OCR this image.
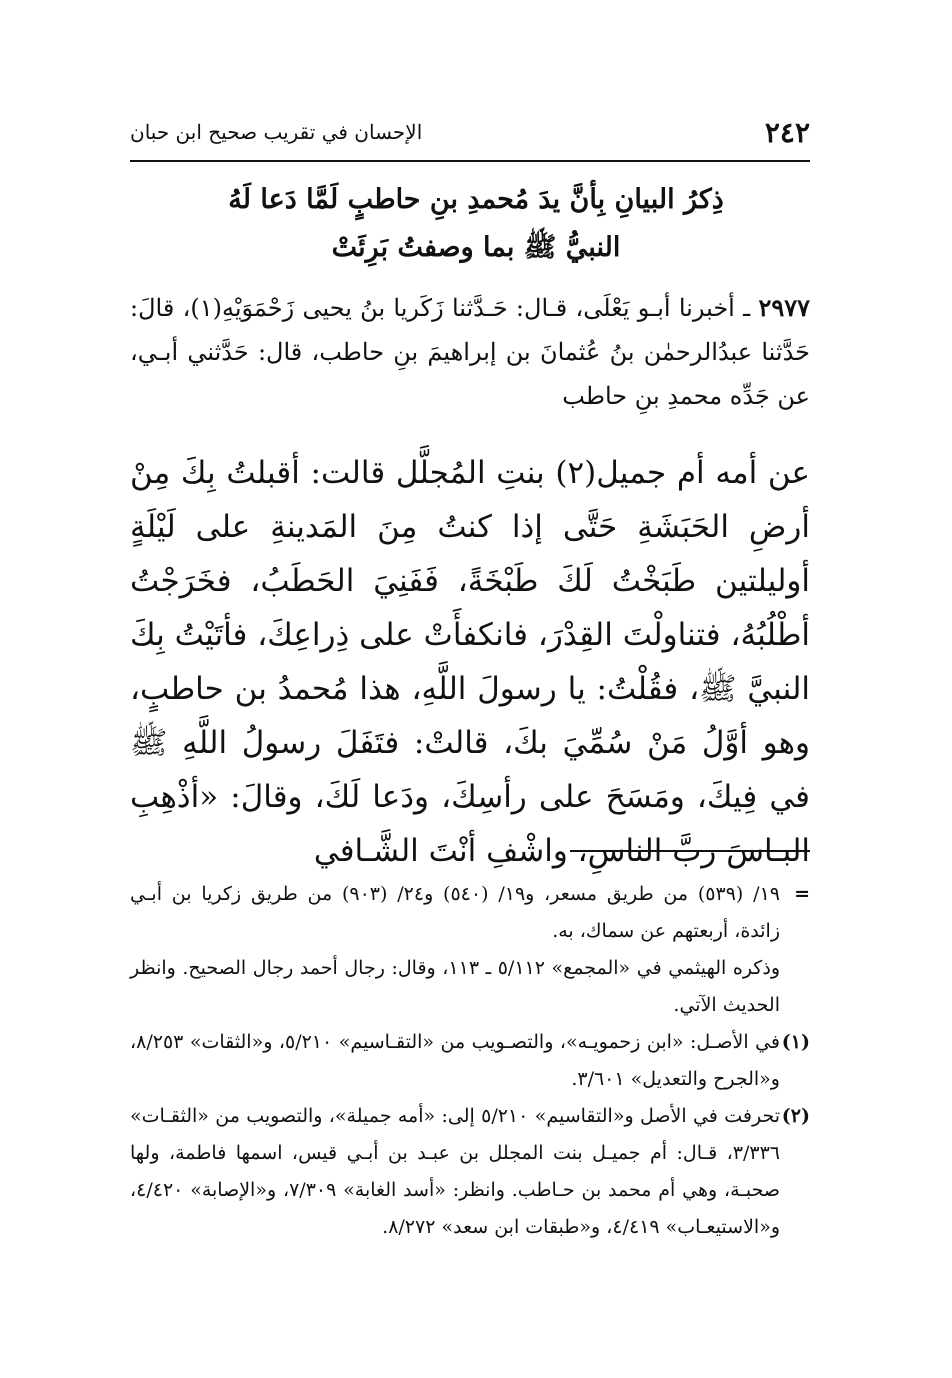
٢٤٢
الإحسان في تقريب صحيح ابن حبان
ذِكرُ البيانِ بِأنَّ يدَ مُحمدِ بنِ حاطبٍ لَمَّا دَعا لَهُ
النبيُّ ﷺ بما وصفتُ بَرِئَتْ
٢٩٧٧ ـ أخبرنا أبـو يَعْلَى، قـال: حَـدَّثنا زَكَريا بنُ يحيى زَحْمَوَيْهِ(١)، قالَ: حَدَّثنا عبدُالرحمٰن بنُ عُثمانَ بن إبراهيمَ بنِ حاطب، قال: حَدَّثني أبـي، عن جَدِّه محمدِ بنِ حاطب
عن أمه أم جميل(٢) بنتِ المُجلَّل قالت: أقبلتُ بِكَ مِنْ أرضِ الحَبَشَةِ حَتَّى إذا كنتُ مِنَ المَدينةِ على لَيْلَةٍ أوليلتين طَبَخْتُ لَكَ طَبْخَةً، فَفَنِيَ الحَطَبُ، فخَرَجْتُ أطْلُبُهُ، فتناولْتَ القِدْرَ، فانكفأَتْ على ذِراعِكَ، فأتَيْتُ بِكَ النبيَّ ﷺ، فقُلْتُ: يا رسولَ اللَّهِ، هذا مُحمدُ بن حاطبٍ، وهو أوَّلُ مَنْ سُمِّيَ بكَ، قالتْ: فتَفَلَ رسولُ اللَّهِ ﷺ في فِيكَ، ومَسَحَ على رأسِكَ، ودَعا لَكَ، وقالَ: «أذْهِبِ البـاسَ ربَّ الناسِ، واشْفِ أنْتَ الشَّـافي
=

١٩/ (٥٣٩) من طريق مسعر، و١٩/ (٥٤٠) و٢٤/ (٩٠٣) من طريق زكريا بن أبـي زائدة، أربعتهم عن سماك، به.

وذكره الهيثمي في «المجمع» ٥/١١٢ ـ ١١٣، وقال: رجال أحمد رجال الصحيح. وانظر الحديث الآتي.

(١)

في الأصـل: «ابن زحمويـه»، والتصـويب من «التقـاسيم» ٥/٢١٠، و«الثقات» ٨/٢٥٣، و«الجرح والتعديل» ٣/٦٠١.

(٢)

تحرفت في الأصل و«التقاسيم» ٥/٢١٠ إلى: «أمه جميلة»، والتصويب من «الثقـات» ٣/٣٣٦، قـال: أم جميـل بنت المجلل بن عبـد بن أبـي قيس، اسمها فاطمة، ولها صحبـة، وهي أم محمد بن حـاطب. وانظر: «أسد الغابة» ٧/٣٠٩، و«الإصابة» ٤/٤٢٠، و«الاستيعـاب» ٤/٤١٩، و«طبقات ابن سعد» ٨/٢٧٢.
